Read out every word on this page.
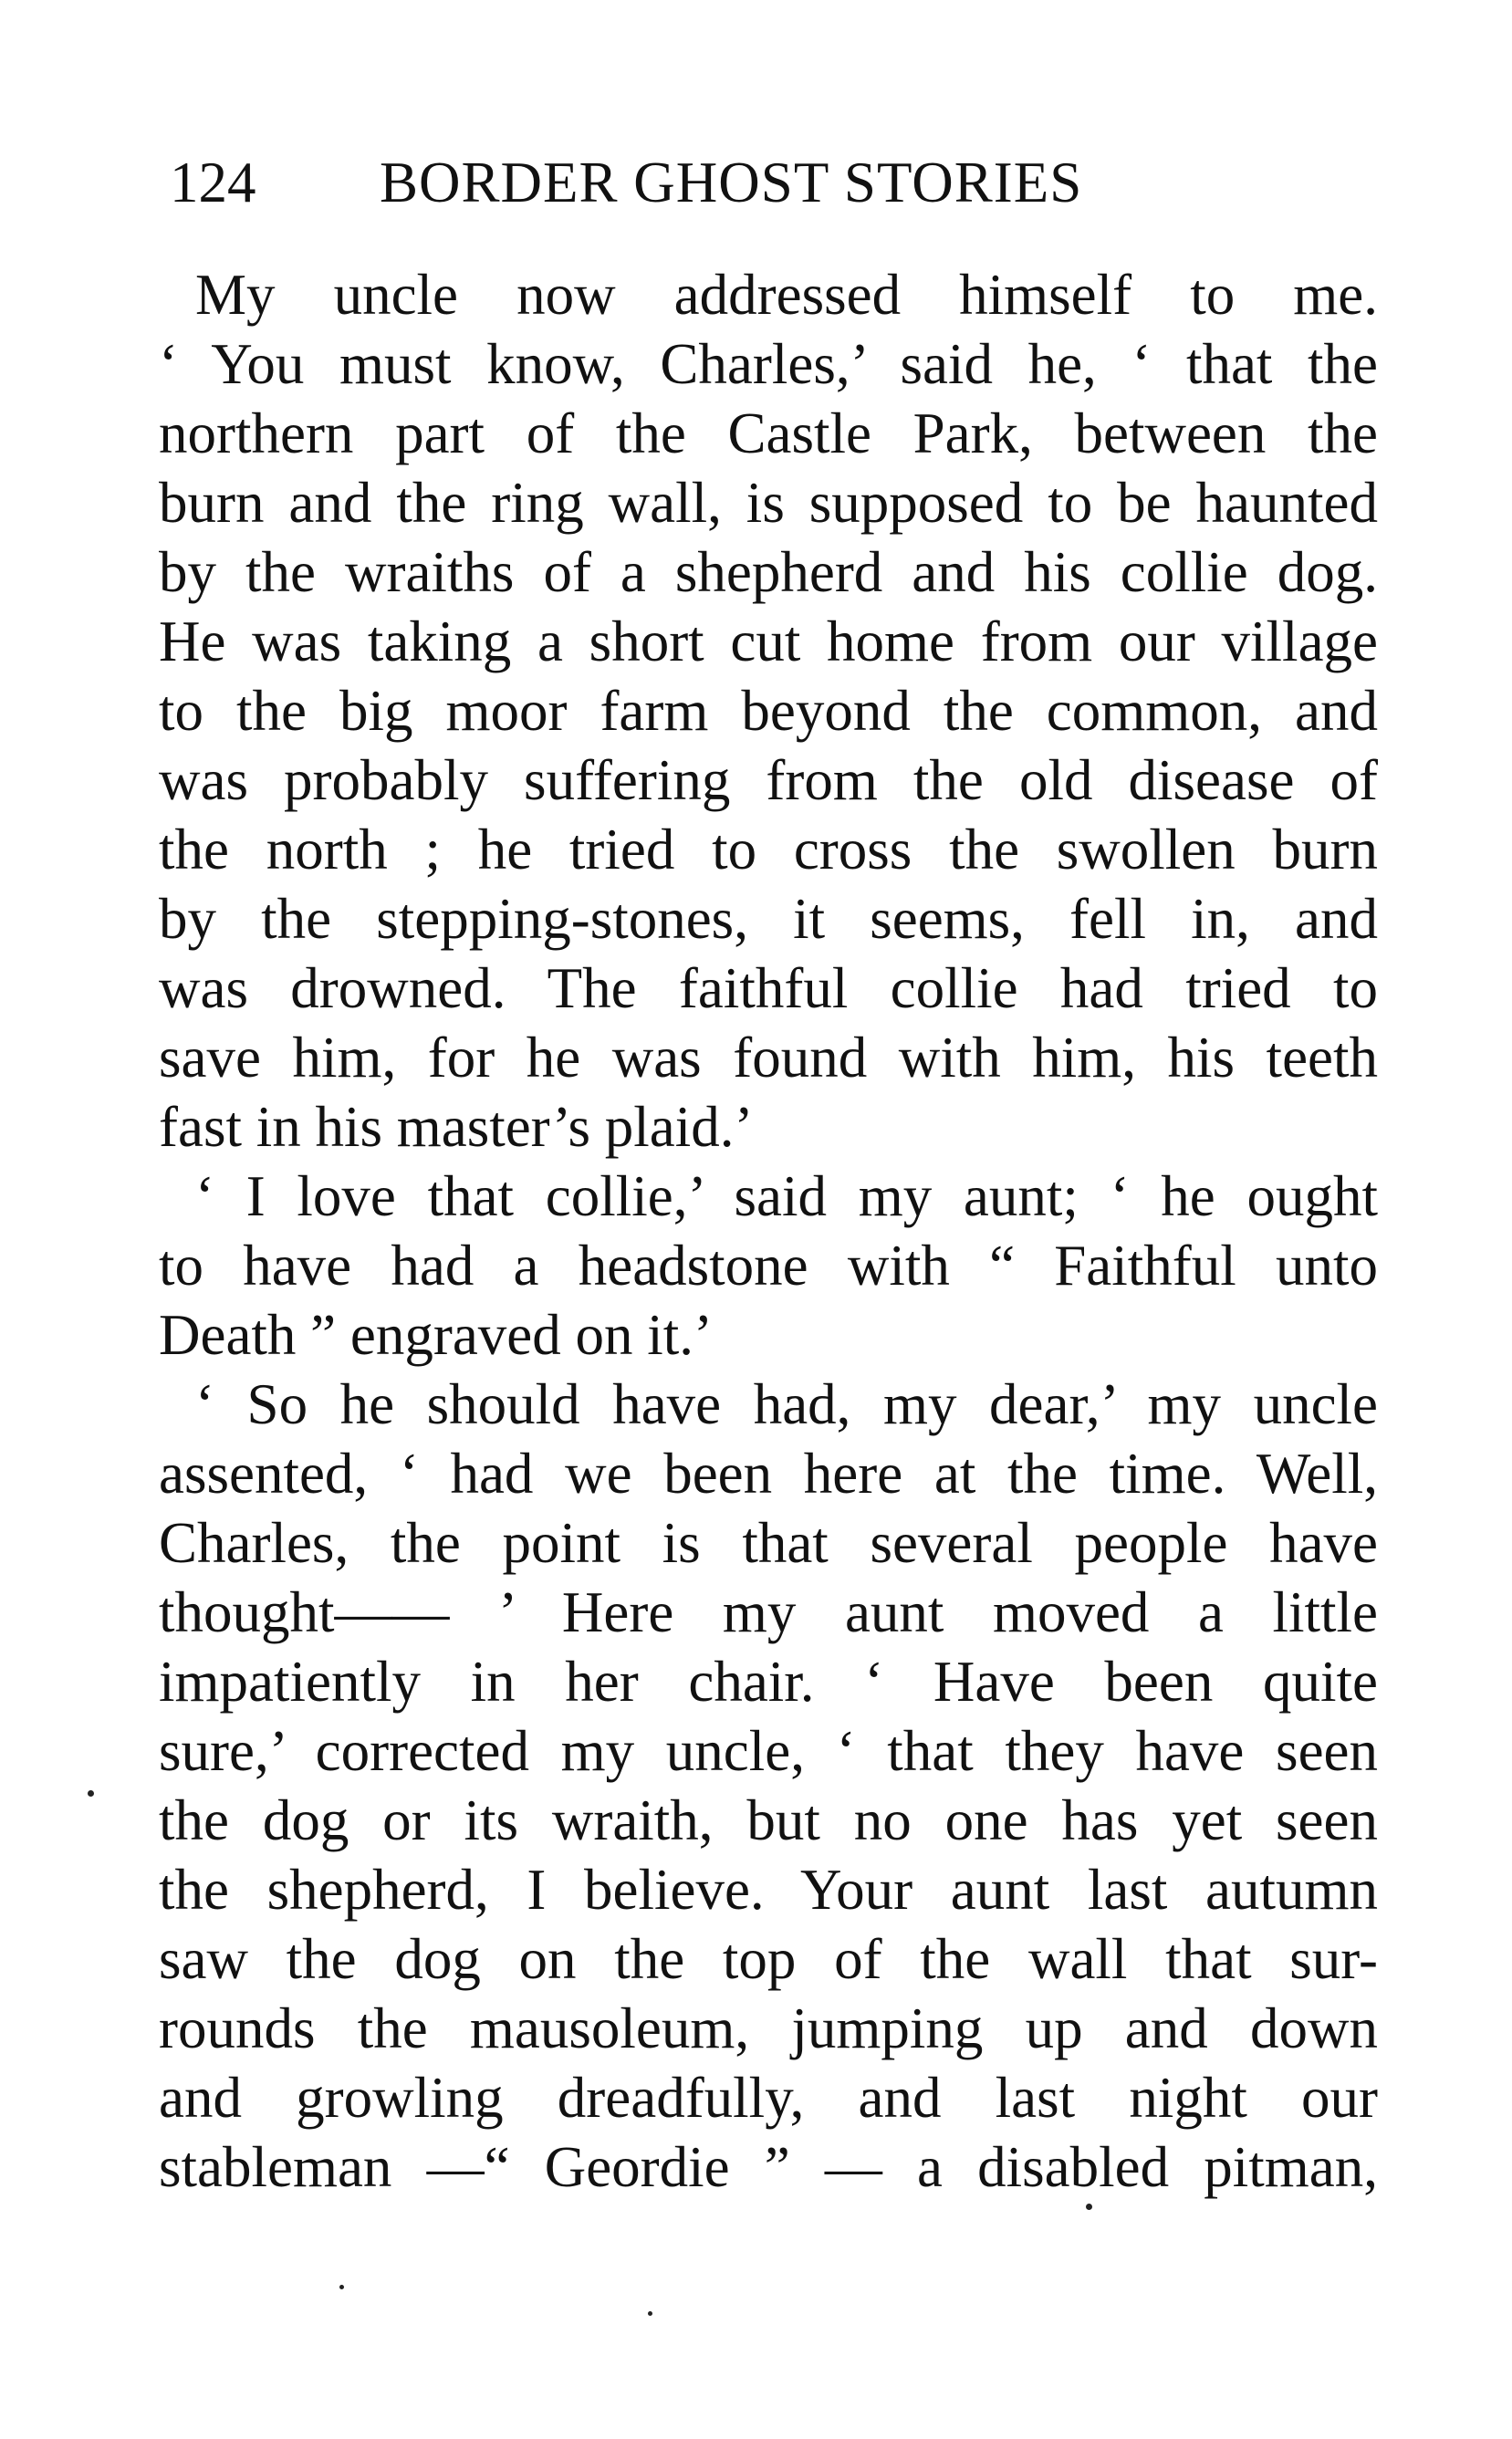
124 BORDER GHOST STORIES
My uncle now addressed himself to me.
‘ You must know, Charles,’ said he, ‘ that the
northern part of the Castle Park, between the
burn and the ring wall, is supposed to be haunted
by the wraiths of a shepherd and his collie dog.
He was taking a short cut home from our village
to the big moor farm beyond the common, and
was probably suffering from the old disease of
the north ; he tried to cross the swollen burn
by the stepping-stones, it seems, fell in, and
was drowned. The faithful collie had tried to
save him, for he was found with him, his teeth
fast in his master’s plaid.’
‘ I love that collie,’ said my aunt; ‘ he ought
to have had a headstone with “ Faithful unto
Death ” engraved on it.’
‘ So he should have had, my dear,’ my uncle
assented, ‘ had we been here at the time. Well,
Charles, the point is that several people have
thought—— ’ Here my aunt moved a little
impatiently in her chair. ‘ Have been quite
sure,’ corrected my uncle, ‘ that they have seen
the dog or its wraith, but no one has yet seen
the shepherd, I believe. Your aunt last autumn
saw the dog on the top of the wall that sur-
rounds the mausoleum, jumping up and down
and growling dreadfully, and last night our
stableman —“ Geordie ” — a disabled pitman,
